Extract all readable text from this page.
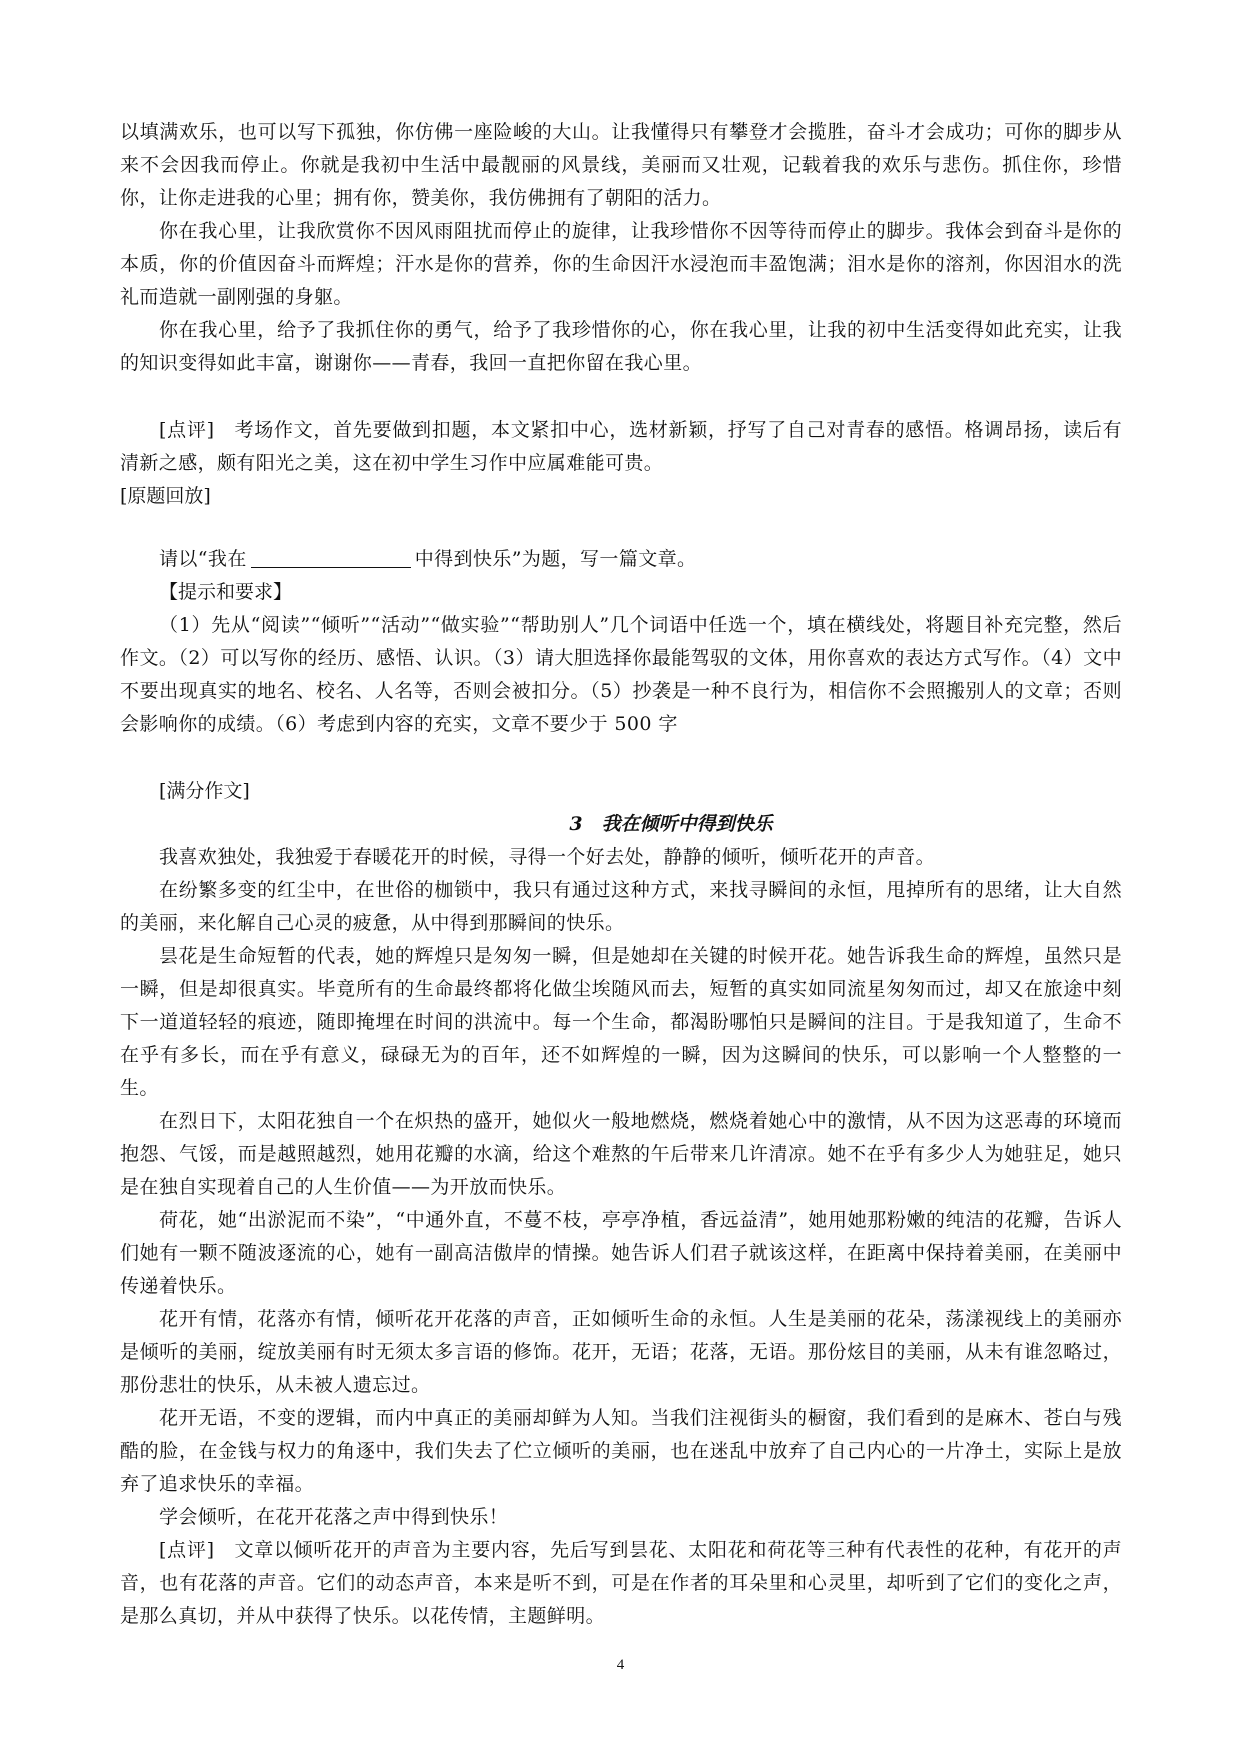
以填满欢乐，也可以写下孤独，你仿佛一座险峻的大山。让我懂得只有攀登才会揽胜，奋斗才会成功；可你的脚步从来不会因我而停止。你就是我初中生活中最靓丽的风景线，美丽而又壮观，记载着我的欢乐与悲伤。抓住你，珍惜你，让你走进我的心里；拥有你，赞美你，我仿佛拥有了朝阳的活力。

你在我心里，让我欣赏你不因风雨阻扰而停止的旋律，让我珍惜你不因等待而停止的脚步。我体会到奋斗是你的本质，你的价值因奋斗而辉煌；汗水是你的营养，你的生命因汗水浸泡而丰盈饱满；泪水是你的溶剂，你因泪水的洗礼而造就一副刚强的身躯。

你在我心里，给予了我抓住你的勇气，给予了我珍惜你的心，你在我心里，让我的初中生活变得如此充实，让我的知识变得如此丰富，谢谢你——青春，我回一直把你留在我心里。

[点评]　考场作文，首先要做到扣题，本文紧扣中心，选材新颖，抒写了自己对青春的感悟。格调昂扬，读后有清新之感，颇有阳光之美，这在初中学生习作中应属难能可贵。

[原题回放]

请以“我在	中得到快乐”为题，写一篇文章。

【提示和要求】

（1）先从“阅读”“倾听”“活动”“做实验”“帮助别人”几个词语中任选一个，填在横线处，将题目补充完整，然后作文。（2）可以写你的经历、感悟、认识。（3）请大胆选择你最能驾驭的文体，用你喜欢的表达方式写作。（4）文中不要出现真实的地名、校名、人名等，否则会被扣分。（5）抄袭是一种不良行为，相信你不会照搬别人的文章；否则会影响你的成绩。（6）考虑到内容的充实，文章不要少于 500 字

[满分作文]

3　我在倾听中得到快乐

我喜欢独处，我独爱于春暖花开的时候，寻得一个好去处，静静的倾听，倾听花开的声音。

在纷繁多变的红尘中，在世俗的枷锁中，我只有通过这种方式，来找寻瞬间的永恒，甩掉所有的思绪，让大自然的美丽，来化解自己心灵的疲惫，从中得到那瞬间的快乐。

昙花是生命短暂的代表，她的辉煌只是匆匆一瞬，但是她却在关键的时候开花。她告诉我生命的辉煌，虽然只是一瞬，但是却很真实。毕竟所有的生命最终都将化做尘埃随风而去，短暂的真实如同流星匆匆而过，却又在旅途中刻下一道道轻轻的痕迹，随即掩埋在时间的洪流中。每一个生命，都渴盼哪怕只是瞬间的注目。于是我知道了，生命不在乎有多长，而在乎有意义，碌碌无为的百年，还不如辉煌的一瞬，因为这瞬间的快乐，可以影响一个人整整的一生。

在烈日下，太阳花独自一个在炽热的盛开，她似火一般地燃烧，燃烧着她心中的激情，从不因为这恶毒的环境而抱怨、气馁，而是越照越烈，她用花瓣的水滴，给这个难熬的午后带来几许清凉。她不在乎有多少人为她驻足，她只是在独自实现着自己的人生价值——为开放而快乐。

荷花，她“出淤泥而不染”，“中通外直，不蔓不枝，亭亭净植，香远益清”，她用她那粉嫩的纯洁的花瓣，告诉人们她有一颗不随波逐流的心，她有一副高洁傲岸的情操。她告诉人们君子就该这样，在距离中保持着美丽，在美丽中传递着快乐。

花开有情，花落亦有情，倾听花开花落的声音，正如倾听生命的永恒。人生是美丽的花朵，荡漾视线上的美丽亦是倾听的美丽，绽放美丽有时无须太多言语的修饰。花开，无语；花落，无语。那份炫目的美丽，从未有谁忽略过，那份悲壮的快乐，从未被人遗忘过。

花开无语，不变的逻辑，而内中真正的美丽却鲜为人知。当我们注视街头的橱窗，我们看到的是麻木、苍白与残酷的脸，在金钱与权力的角逐中，我们失去了伫立倾听的美丽，也在迷乱中放弃了自己内心的一片净土，实际上是放弃了追求快乐的幸福。

学会倾听，在花开花落之声中得到快乐！

[点评]　文章以倾听花开的声音为主要内容，先后写到昙花、太阳花和荷花等三种有代表性的花种，有花开的声音，也有花落的声音。它们的动态声音，本来是听不到，可是在作者的耳朵里和心灵里，却听到了它们的变化之声，是那么真切，并从中获得了快乐。以花传情，主题鲜明。

4
